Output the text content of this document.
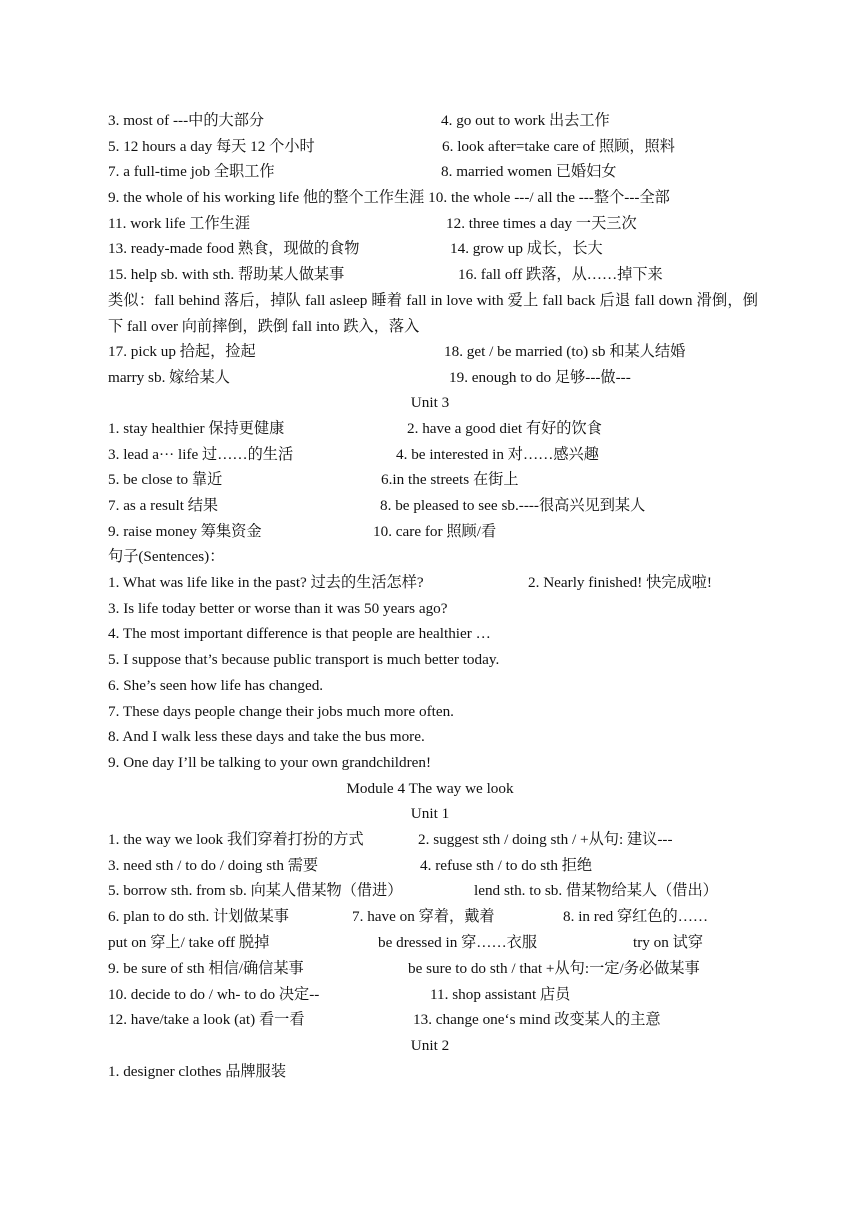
3. most of ---中的大部分	4. go out to work 出去工作
5. 12 hours a day 每天 12 个小时	6. look after=take care of 照顾，照料
7. a full-time job 全职工作	8. married women 已婚妇女
9. the whole of his working life 他的整个工作生涯 10. the whole ---/ all the ---整个---全部
11. work life 工作生涯	12. three times a day 一天三次
13. ready-made food 熟食，现做的食物	14. grow up 成长，长大
15. help sb. with sth. 帮助某人做某事	16. fall off 跌落，从……掉下来
类似：fall behind 落后，掉队 fall asleep 睡着 fall in love with 爱上 fall back 后退 fall down 滑倒，倒下 fall over 向前摔倒，跌倒 fall into 跌入，落入
17. pick up 拾起，捡起	18. get / be married (to) sb 和某人结婚
marry sb. 嫁给某人	19. enough to do 足够---做---
Unit 3
1. stay healthier 保持更健康	2. have a good diet 有好的饮食
3. lead a··· life 过……的生活	4. be interested in 对……感兴趣
5. be close to 靠近	6.in the streets 在街上
7. as a result 结果	8. be pleased to see sb.----很高兴见到某人
9. raise money 筹集资金	10. care for 照顾/看
句子(Sentences)：
1. What was life like in the past? 过去的生活怎样?	2. Nearly finished! 快完成啦!
3. Is life today better or worse than it was 50 years ago?
4. The most important difference is that people are healthier …
5. I suppose that’s because public transport is much better today.
6. She’s seen how life has changed.
7. These days people change their jobs much more often.
8. And I walk less these days and take the bus more.
9. One day I’ll be talking to your own grandchildren!
Module 4 The way we look
Unit 1
1. the way we look 我们穿着打扮的方式	2. suggest sth / doing sth / +从句: 建议---
3. need sth / to do / doing sth 需要	4. refuse sth / to do sth 拒绝
5. borrow sth. from sb. 向某人借某物（借进）	lend sth. to sb. 借某物给某人（借出）
6. plan to do sth. 计划做某事	7. have on 穿着，戴着	8. in red 穿红色的……
put on 穿上/ take off 脱掉	be dressed in 穿……衣服	try on 试穿
9. be sure of sth 相信/确信某事	be sure to do sth / that +从句:一定/务必做某事
10. decide to do / wh- to do 决定--	11. shop assistant 店员
12. have/take a look (at) 看一看	13. change one‘s mind 改变某人的主意
Unit 2
1. designer clothes 品牌服装
